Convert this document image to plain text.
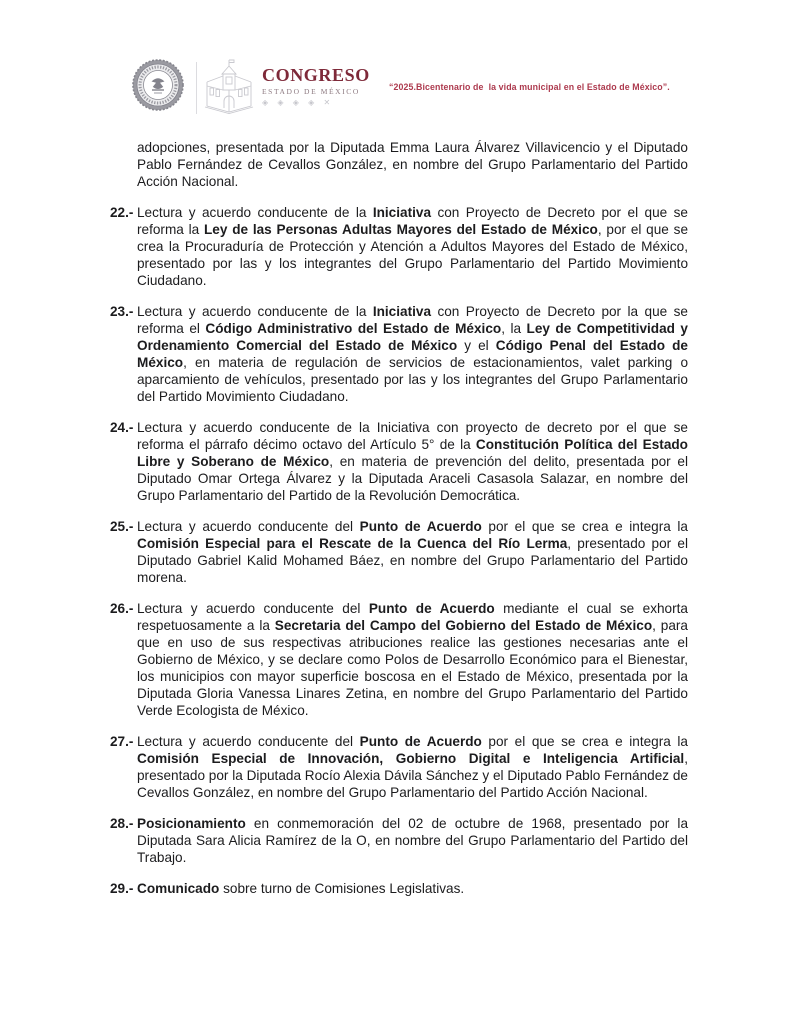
CONGRESO
ESTADO DE MÉXICO
◈ ◈ ◈ ◈ ✕
“2025.Bicentenario de  la vida municipal en el Estado de México”.
adopciones, presentada por la Diputada Emma Laura Álvarez Villavicencio y el Diputado Pablo Fernández de Cevallos González, en nombre del Grupo Parlamentario del Partido Acción Nacional.
22.- Lectura y acuerdo conducente de la Iniciativa con Proyecto de Decreto por el que se reforma la Ley de las Personas Adultas Mayores del Estado de México, por el que se crea la Procuraduría de Protección y Atención a Adultos Mayores del Estado de México, presentado por las y los integrantes del Grupo Parlamentario del Partido Movimiento Ciudadano.
23.- Lectura y acuerdo conducente de la Iniciativa con Proyecto de Decreto por la que se reforma el Código Administrativo del Estado de México, la Ley de Competitividad y Ordenamiento Comercial del Estado de México y el Código Penal del Estado de México, en materia de regulación de servicios de estacionamientos, valet parking o aparcamiento de vehículos, presentado por las y los integrantes del Grupo Parlamentario del Partido Movimiento Ciudadano.
24.- Lectura y acuerdo conducente de la Iniciativa con proyecto de decreto por el que se reforma el párrafo décimo octavo del Artículo 5° de la Constitución Política del Estado Libre y Soberano de México, en materia de prevención del delito, presentada por el Diputado Omar Ortega Álvarez y la Diputada Araceli Casasola Salazar, en nombre del Grupo Parlamentario del Partido de la Revolución Democrática.
25.- Lectura y acuerdo conducente del Punto de Acuerdo por el que se crea e integra la Comisión Especial para el Rescate de la Cuenca del Río Lerma, presentado por el Diputado Gabriel Kalid Mohamed Báez, en nombre del Grupo Parlamentario del Partido morena.
26.- Lectura y acuerdo conducente del Punto de Acuerdo mediante el cual se exhorta respetuosamente a la Secretaria del Campo del Gobierno del Estado de México, para que en uso de sus respectivas atribuciones realice las gestiones necesarias ante el Gobierno de México, y se declare como Polos de Desarrollo Económico para el Bienestar, los municipios con mayor superficie boscosa en el Estado de México, presentada por la Diputada Gloria Vanessa Linares Zetina, en nombre del Grupo Parlamentario del Partido Verde Ecologista de México.
27.- Lectura y acuerdo conducente del Punto de Acuerdo por el que se crea e integra la Comisión Especial de Innovación, Gobierno Digital e Inteligencia Artificial, presentado por la Diputada Rocío Alexia Dávila Sánchez y el Diputado Pablo Fernández de Cevallos González, en nombre del Grupo Parlamentario del Partido Acción Nacional.
28.- Posicionamiento en conmemoración del 02 de octubre de 1968, presentado por la Diputada Sara Alicia Ramírez de la O, en nombre del Grupo Parlamentario del Partido del Trabajo.
29.- Comunicado sobre turno de Comisiones Legislativas.
